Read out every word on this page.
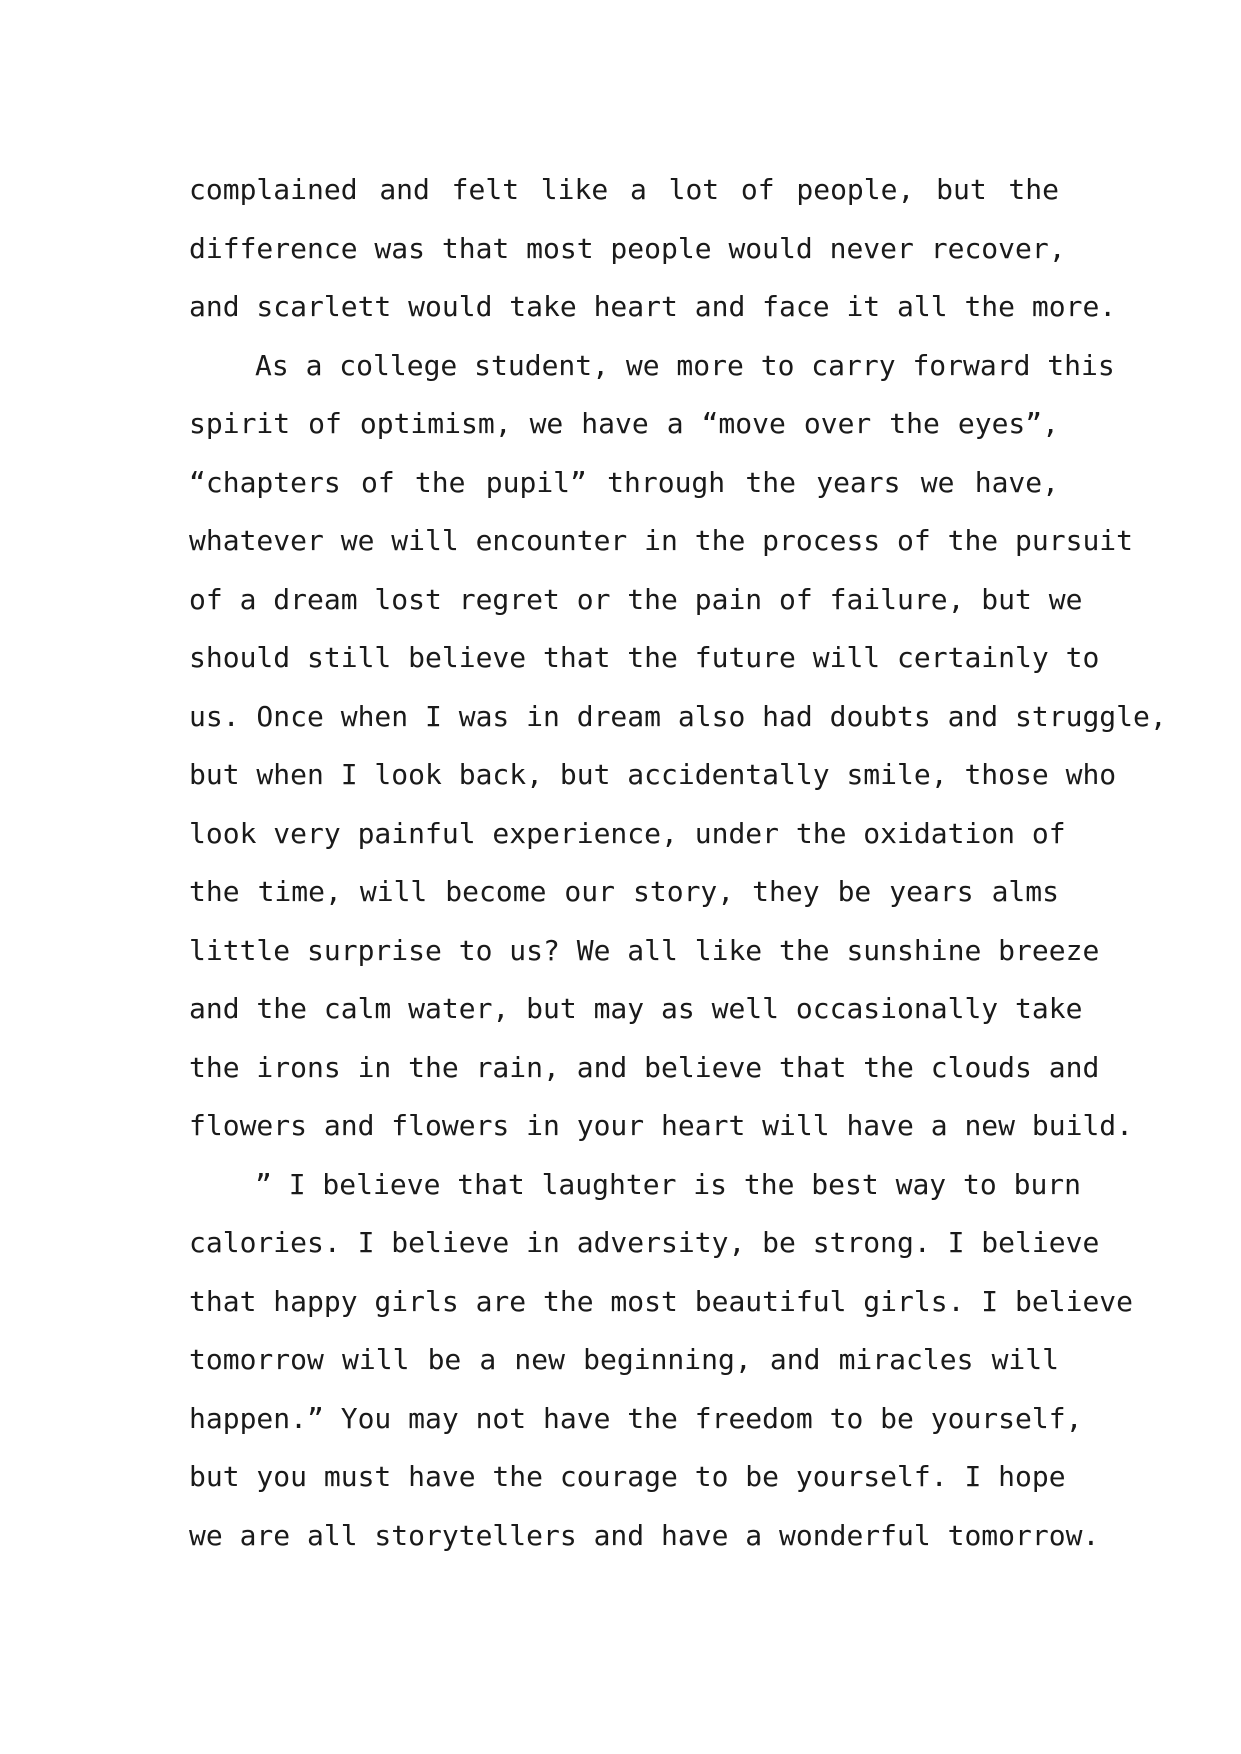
complained and felt like a lot of people, but the
difference was that most people would never recover,
and scarlett would take heart and face it all the more.
As a college student, we more to carry forward this
spirit of optimism, we have a “move over the eyes”,
“chapters of the pupil” through the years we have,
whatever we will encounter in the process of the pursuit
of a dream lost regret or the pain of failure, but we
should still believe that the future will certainly to
us. Once when I was in dream also had doubts and struggle,
but when I look back, but accidentally smile, those who
look very painful experience, under the oxidation of
the time, will become our story, they be years alms
little surprise to us? We all like the sunshine breeze
and the calm water, but may as well occasionally take
the irons in the rain, and believe that the clouds and
flowers and flowers in your heart will have a new build.
” I believe that laughter is the best way to burn
calories. I believe in adversity, be strong. I believe
that happy girls are the most beautiful girls. I believe
tomorrow will be a new beginning, and miracles will
happen.” You may not have the freedom to be yourself,
but you must have the courage to be yourself. I hope
we are all storytellers and have a wonderful tomorrow.
